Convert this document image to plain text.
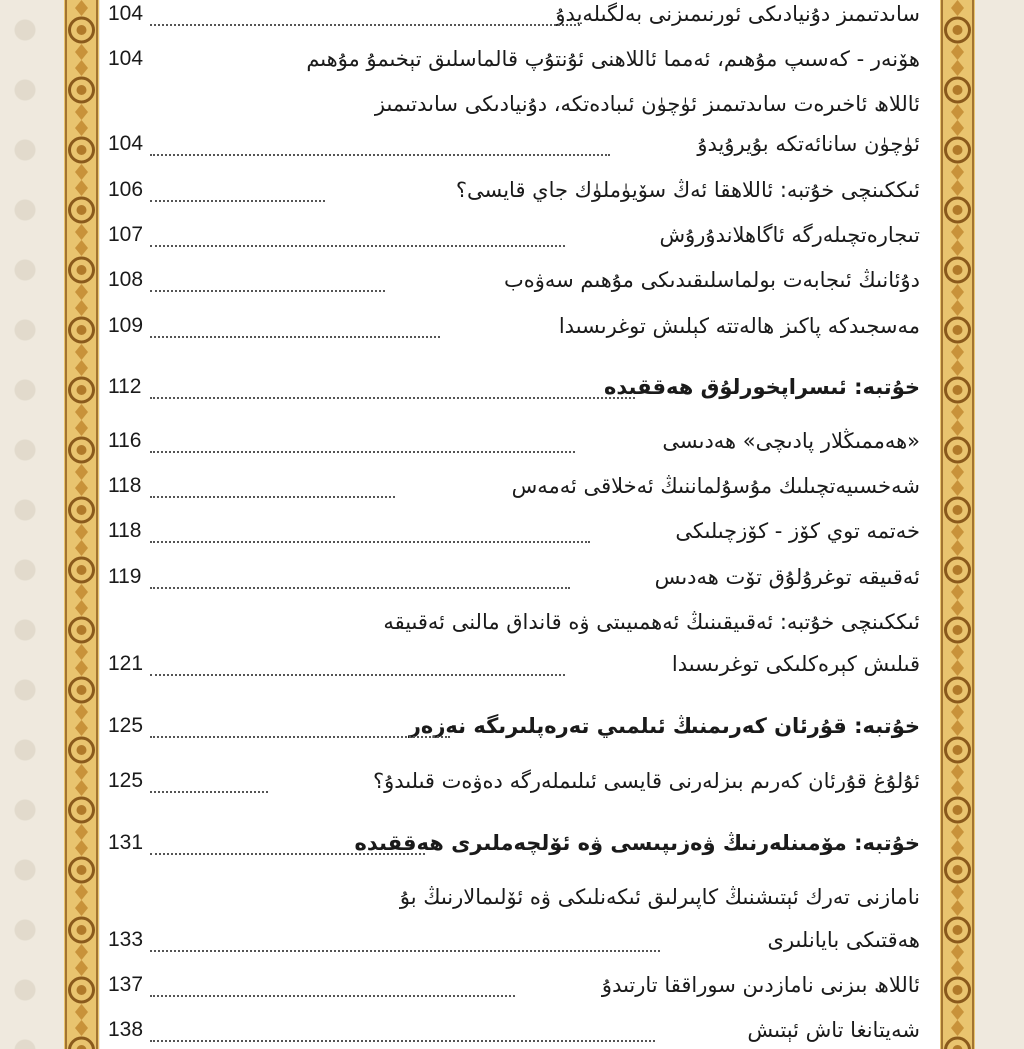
ساىدتىمىز دۇنيادىكى ئورنىمىزنى بەلگىلەيدۇ
104
ھۆنەر - كەسىپ مۇھىم، ئەمما ئاللاھنى ئۇنتۇپ قالماسلىق تېخىمۇ مۇھىم
104
ئاللاھ ئاخىرەت ساىدتىمىز ئۈچۈن ئىبادەتكە، دۇنيادىكى ساىدتىمىز
ئۈچۈن سانائەتكە بۇيرۇيدۇ
104
ئىككىنچى خۇتبە: ئاللاھقا ئەڭ سۆيۈملۈك جاي قايسى؟
106
تىجارەتچىلەرگە ئاگاھلاندۇرۇش
107
دۇئانىڭ ئىجابەت بولماسلىقىدىكى مۇھىم سەۋەب
108
مەسجىدكە پاكىز ھالەتتە كېلىش توغرىسىدا
109
خۇتبە: ئىسراپخورلۇق ھەققىدە
112
«ھەممىڭلار پادىچى» ھەدىسى
116
شەخسىيەتچىلىك مۇسۇلماننىڭ ئەخلاقى ئەمەس
118
خەتمە توي كۆز - كۆزچىلىكى
118
ئەقىيقە توغرۇلۇق تۆت ھەدىس
119
ئىككىنچى خۇتبە: ئەقىيقىنىڭ ئەھمىيىتى ۋە قانداق مالنى ئەقىيقە
قىلىش كېرەكلىكى توغرىسىدا
121
خۇتبە: قۇرئان كەرىمنىڭ ئىلمىي تەرەپلىرىگە نەزەر
125
ئۇلۇغ قۇرئان كەرىم بىزلەرنى قايسى ئىلىملەرگە دەۋەت قىلىدۇ؟
125
خۇتبە: مۆمىنلەرنىڭ ۋەزىپىسى ۋە ئۆلچەملىرى ھەققىدە
131
نامازنى تەرك ئېتىشنىڭ كاپىرلىق ئىكەنلىكى ۋە ئۆلىمالارنىڭ بۇ
ھەقتىكى بايانلىرى
133
ئاللاھ بىزنى نامازدىن سوراققا تارتىدۇ
137
شەيتانغا تاش ئېتىش
138
